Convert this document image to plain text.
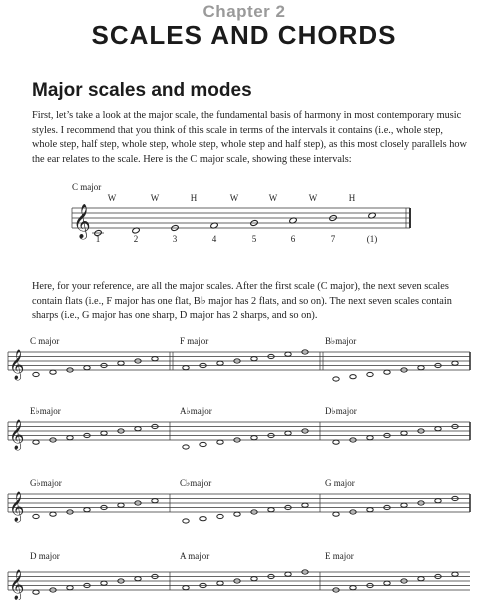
Chapter 2
SCALES AND CHORDS
Major scales and modes
First, let’s take a look at the major scale, the fundamental basis of harmony in most contemporary music styles. I recommend that you think of this scale in terms of the intervals it contains (i.e., whole step, whole step, half step, whole step, whole step, whole step and half step), as this most closely parallels how the ear relates to the scale. Here is the C major scale, showing these intervals:
C major
W	W	H	W	W	W	H
𝄞 1	2	3	4	5	6	7	(1)
Here, for your reference, are all the major scales. After the first scale (C major), the next seven scales contain flats (i.e., F major has one flat, B♭ major has 2 flats, and so on). The next seven scales contain sharps (i.e., G major has one sharp, D major has 2 sharps, and so on).
C major	F major	B♭major
𝄞
E♭major	A♭major	D♭major
𝄞
G♭major	C♭major	G major
𝄞
D major	A major	E major
𝄞
